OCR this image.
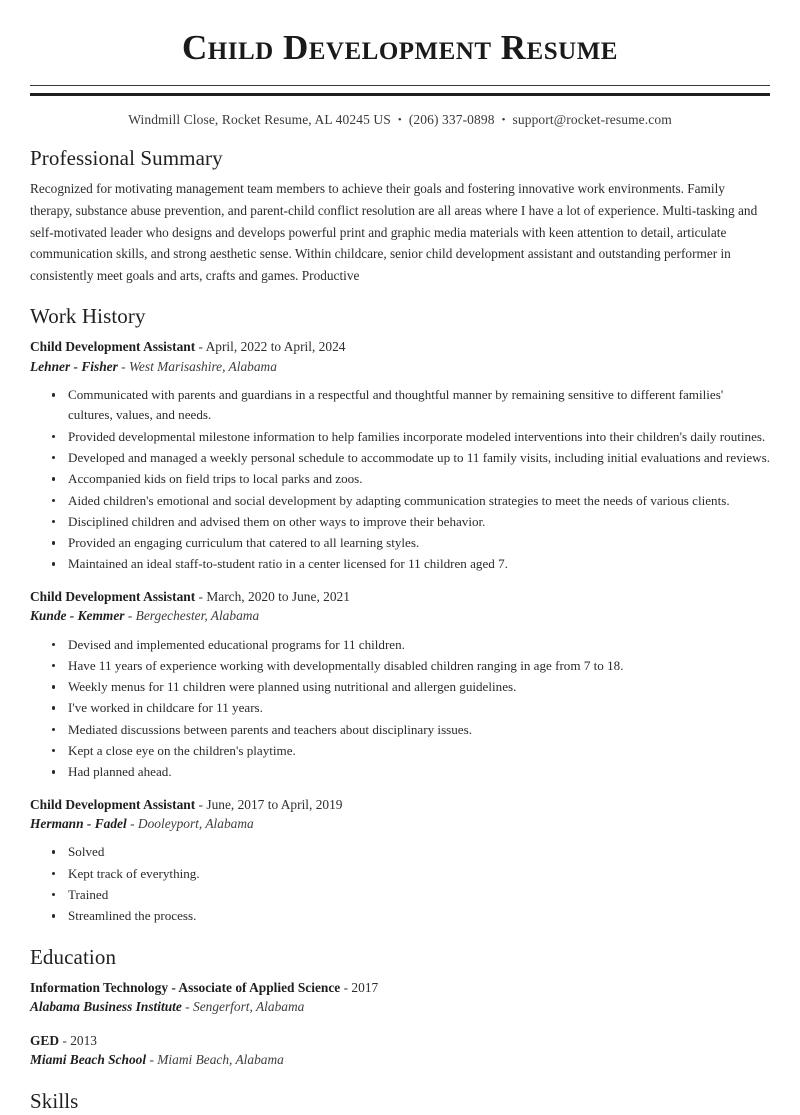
Child Development Resume
Windmill Close, Rocket Resume, AL 40245 US • (206) 337-0898 • support@rocket-resume.com
Professional Summary

Recognized for motivating management team members to achieve their goals and fostering innovative work environments. Family therapy, substance abuse prevention, and parent-child conflict resolution are all areas where I have a lot of experience. Multi-tasking and self-motivated leader who designs and develops powerful print and graphic media materials with keen attention to detail, articulate communication skills, and strong aesthetic sense. Within childcare, senior child development assistant and outstanding performer in consistently meet goals and arts, crafts and games. Productive

Work History
Child Development Assistant - April, 2022 to April, 2024
Lehner - Fisher - West Marisashire, Alabama
Communicated with parents and guardians in a respectful and thoughtful manner by remaining sensitive to different families' cultures, values, and needs.
Provided developmental milestone information to help families incorporate modeled interventions into their children's daily routines.
Developed and managed a weekly personal schedule to accommodate up to 11 family visits, including initial evaluations and reviews.
Accompanied kids on field trips to local parks and zoos.
Aided children's emotional and social development by adapting communication strategies to meet the needs of various clients.
Disciplined children and advised them on other ways to improve their behavior.
Provided an engaging curriculum that catered to all learning styles.
Maintained an ideal staff-to-student ratio in a center licensed for 11 children aged 7.
Child Development Assistant - March, 2020 to June, 2021
Kunde - Kemmer - Bergechester, Alabama
Devised and implemented educational programs for 11 children.
Have 11 years of experience working with developmentally disabled children ranging in age from 7 to 18.
Weekly menus for 11 children were planned using nutritional and allergen guidelines.
I've worked in childcare for 11 years.
Mediated discussions between parents and teachers about disciplinary issues.
Kept a close eye on the children's playtime.
Had planned ahead.
Child Development Assistant - June, 2017 to April, 2019
Hermann - Fadel - Dooleyport, Alabama
Solved
Kept track of everything.
Trained
Streamlined the process.
Education
Information Technology - Associate of Applied Science - 2017
Alabama Business Institute - Sengerfort, Alabama
GED - 2013
Miami Beach School - Miami Beach, Alabama
Skills
